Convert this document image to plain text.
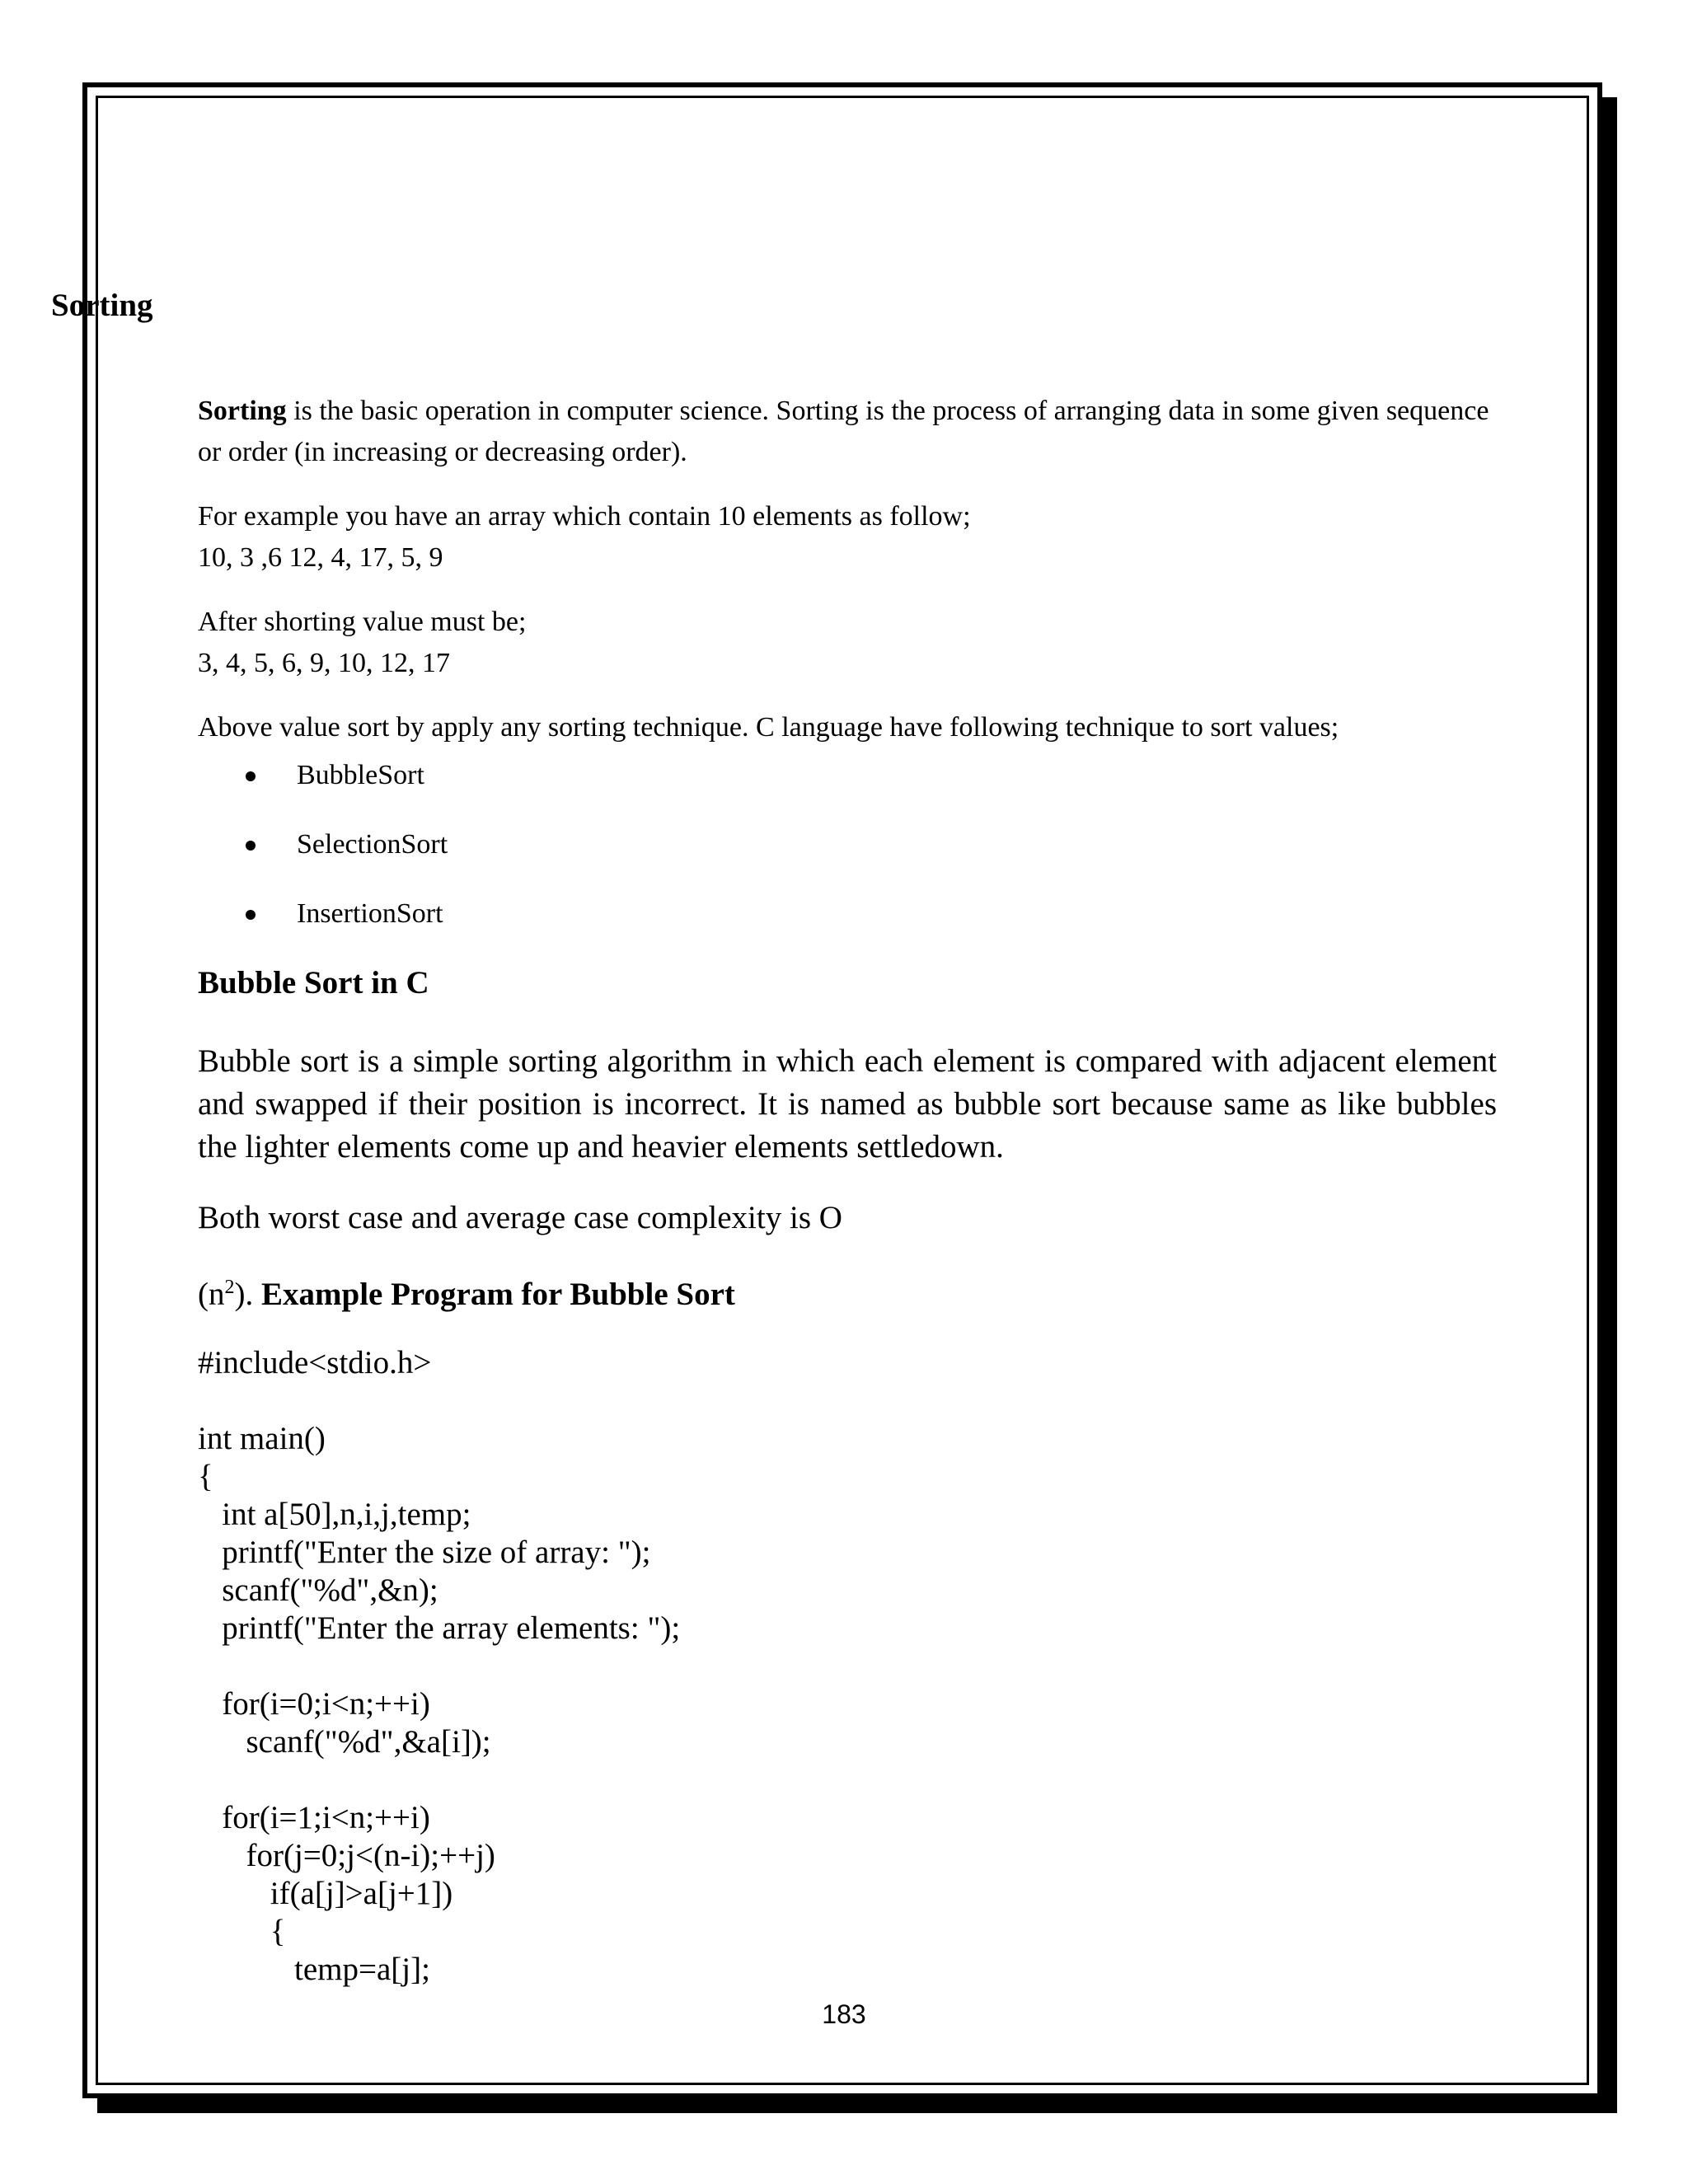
Sorting

Sorting is the basic operation in computer science. Sorting is the process of arranging data in some given sequence or order (in increasing or decreasing order).

For example you have an array which contain 10 elements as follow;
10, 3 ,6 12, 4, 17, 5, 9

After shorting value must be;
3, 4, 5, 6, 9, 10, 12, 17

Above value sort by apply any sorting technique. C language have following technique to sort values;

BubbleSort
SelectionSort
InsertionSort
Bubble Sort in C

Bubble sort is a simple sorting algorithm in which each element is compared with adjacent element and swapped if their position is incorrect. It is named as bubble sort because same as like bubbles the lighter elements come up and heavier elements settledown.

Both worst case and average case complexity is O

$(n^2)$. Example Program for Bubble Sort

#include<stdio.h>
int main()
{
int a[50],n,i,j,temp;
printf("Enter the size of array: ");
scanf("%d",&n);
printf("Enter the array elements: ");
for(i=0;i<n;++i)
scanf("%d",&a[i]);
for(i=1;i<n;++i)
for(j=0;j<(n-i);++j)
if(a[j]>a[j+1])
{
temp=a[j];
183
